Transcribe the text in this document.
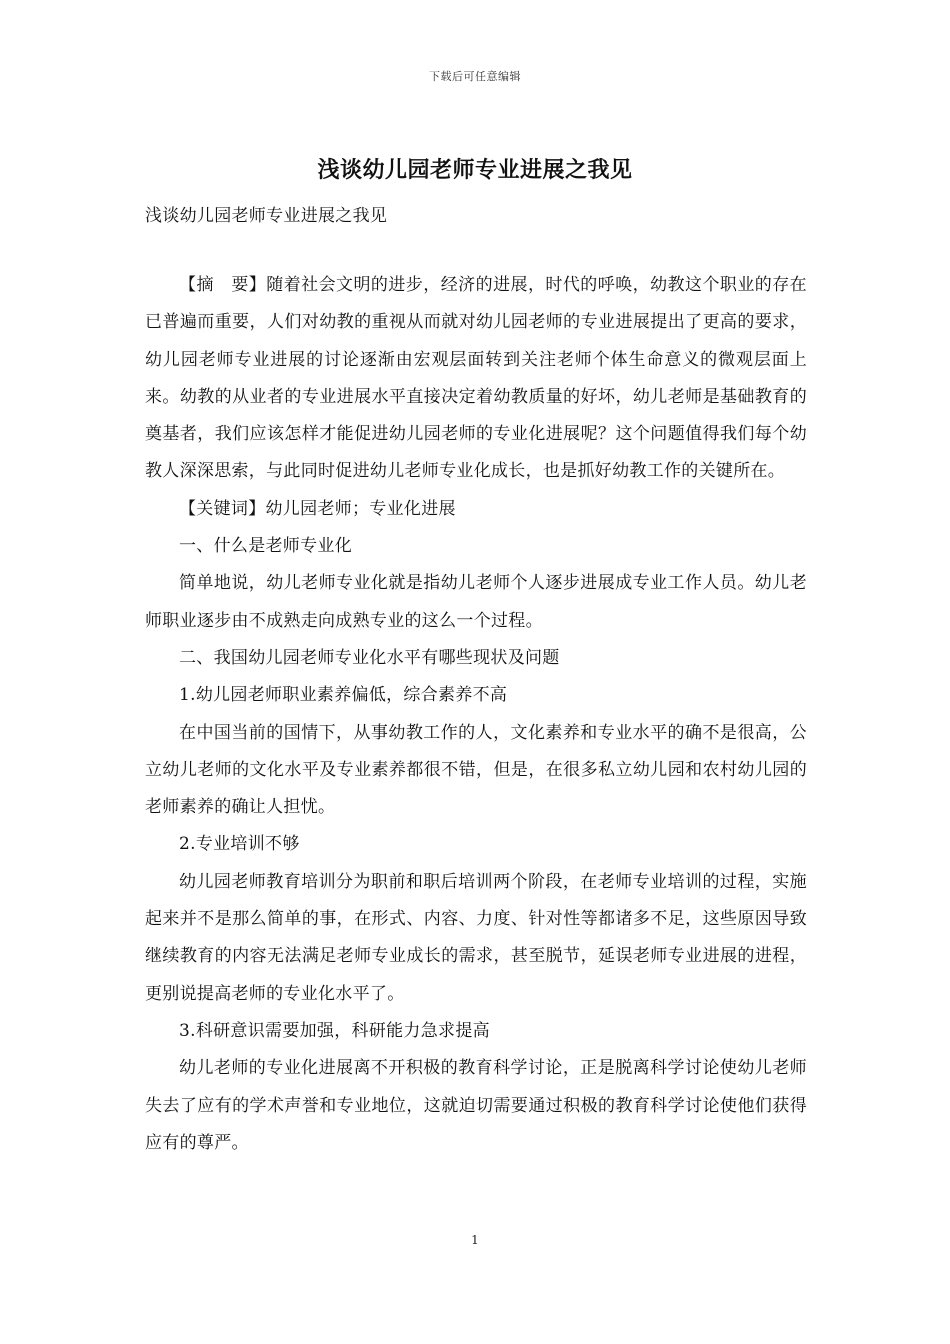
下载后可任意编辑
浅谈幼儿园老师专业进展之我见
浅谈幼儿园老师专业进展之我见

【摘　要】随着社会文明的进步，经济的进展，时代的呼唤，幼教这个职业的存在已普遍而重要，人们对幼教的重视从而就对幼儿园老师的专业进展提出了更高的要求，幼儿园老师专业进展的讨论逐渐由宏观层面转到关注老师个体生命意义的微观层面上来。幼教的从业者的专业进展水平直接决定着幼教质量的好坏，幼儿老师是基础教育的奠基者，我们应该怎样才能促进幼儿园老师的专业化进展呢？这个问题值得我们每个幼教人深深思索，与此同时促进幼儿老师专业化成长，也是抓好幼教工作的关键所在。

【关键词】幼儿园老师；专业化进展

一、什么是老师专业化

简单地说，幼儿老师专业化就是指幼儿老师个人逐步进展成专业工作人员。幼儿老师职业逐步由不成熟走向成熟专业的这么一个过程。

二、我国幼儿园老师专业化水平有哪些现状及问题

1.幼儿园老师职业素养偏低，综合素养不高

在中国当前的国情下，从事幼教工作的人，文化素养和专业水平的确不是很高，公立幼儿老师的文化水平及专业素养都很不错，但是，在很多私立幼儿园和农村幼儿园的老师素养的确让人担忧。

2.专业培训不够

幼儿园老师教育培训分为职前和职后培训两个阶段，在老师专业培训的过程，实施起来并不是那么简单的事，在形式、内容、力度、针对性等都诸多不足，这些原因导致继续教育的内容无法满足老师专业成长的需求，甚至脱节，延误老师专业进展的进程，更别说提高老师的专业化水平了。

3.科研意识需要加强，科研能力急求提高

幼儿老师的专业化进展离不开积极的教育科学讨论，正是脱离科学讨论使幼儿老师失去了应有的学术声誉和专业地位，这就迫切需要通过积极的教育科学讨论使他们获得应有的尊严。

1
